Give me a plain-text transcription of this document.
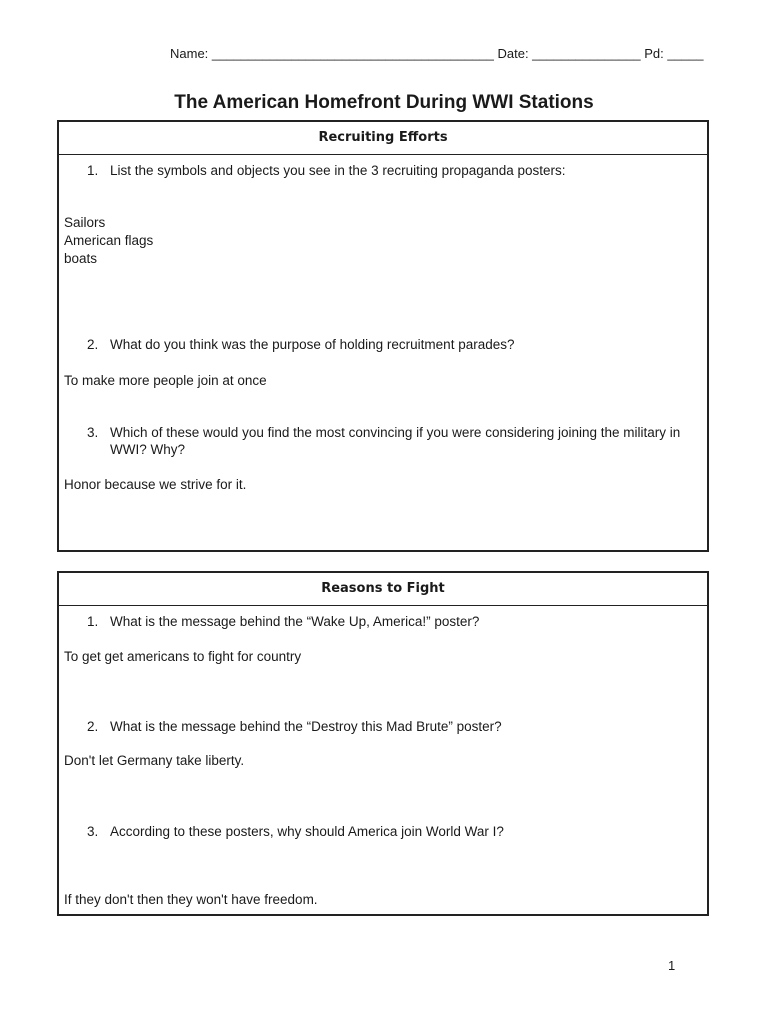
Name: _______________________________________ Date: _______________ Pd: _____
The American Homefront During WWI Stations
Recruiting Efforts
1. List the symbols and objects you see in the 3 recruiting propaganda posters:
Sailors
American flags
boats
2. What do you think was the purpose of holding recruitment parades?
To make more people join at once
3. Which of these would you find the most convincing if you were considering joining the military in WWI? Why?
Honor because we strive for it.
Reasons to Fight
1. What is the message behind the “Wake Up, America!” poster?
To get get americans to fight for country
2. What is the message behind the “Destroy this Mad Brute” poster?
Don't let Germany take liberty.
3. According to these posters, why should America join World War I?
If they don't then they won't have freedom.
1
